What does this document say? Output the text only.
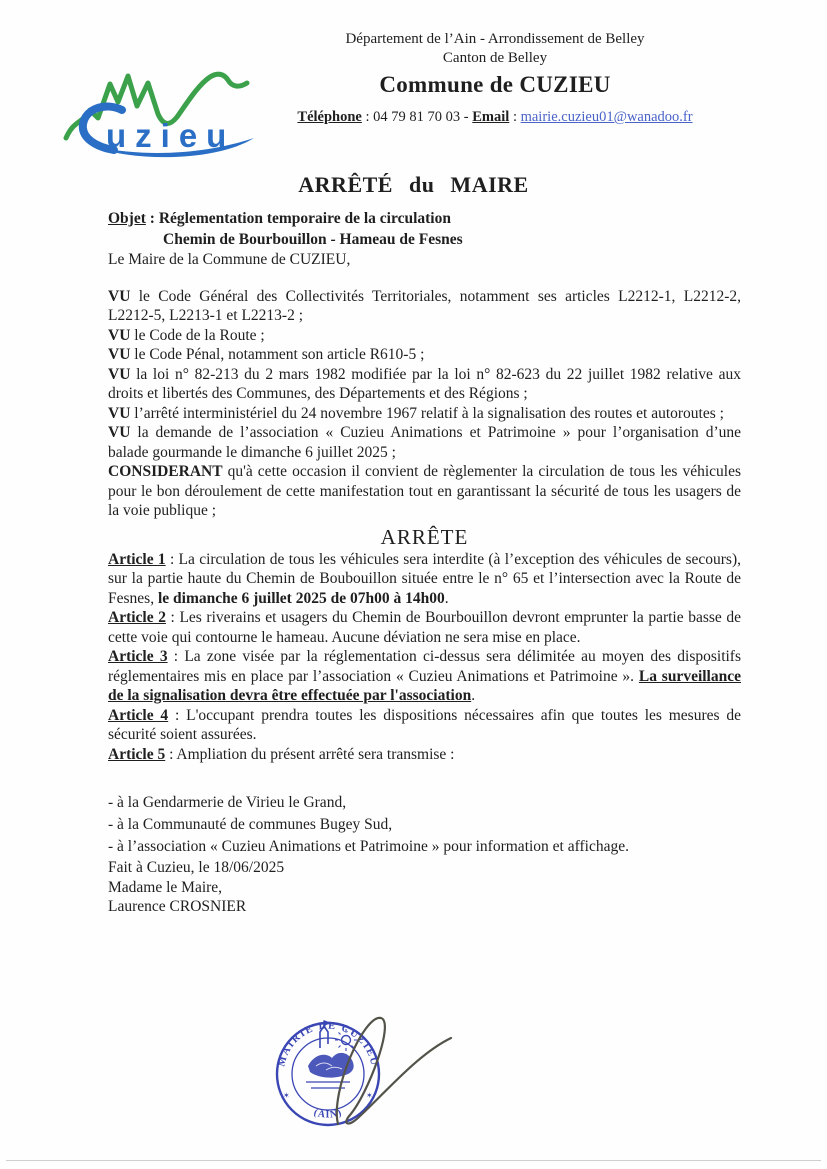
uzieu
Département de l’Ain - Arrondissement de Belley
Canton de Belley
Commune de CUZIEU
Téléphone : 04 79 81 70 03 - Email : mairie.cuzieu01@wanadoo.fr
ARRÊTÉ du MAIRE
Objet : Réglementation temporaire de la circulation
Chemin de Bourbouillon - Hameau de Fesnes

Le Maire de la Commune de CUZIEU,

VU le Code Général des Collectivités Territoriales, notamment ses articles L2212-1, L2212-2, L2212-5, L2213-1 et L2213-2 ;

VU le Code de la Route ;

VU le Code Pénal, notamment son article R610-5 ;

VU la loi n° 82-213 du 2 mars 1982 modifiée par la loi n° 82-623 du 22 juillet 1982 relative aux droits et libertés des Communes, des Départements et des Régions ;

VU l’arrêté interministériel du 24 novembre 1967 relatif à la signalisation des routes et autoroutes ;

VU la demande de l’association « Cuzieu Animations et Patrimoine » pour l’organisation d’une balade gourmande le dimanche 6 juillet 2025 ;

CONSIDERANT qu'à cette occasion il convient de règlementer la circulation de tous les véhicules pour le bon déroulement de cette manifestation tout en garantissant la sécurité de tous les usagers de la voie publique ;

ARRÊTE

Article 1 : La circulation de tous les véhicules sera interdite (à l’exception des véhicules de secours), sur la partie haute du Chemin de Boubouillon située entre le n° 65 et l’intersection avec la Route de Fesnes, le dimanche 6 juillet 2025 de 07h00 à 14h00.

Article 2 : Les riverains et usagers du Chemin de Bourbouillon devront emprunter la partie basse de cette voie qui contourne le hameau. Aucune déviation ne sera mise en place.

Article 3 : La zone visée par la réglementation ci-dessus sera délimitée au moyen des dispositifs réglementaires mis en place par l’association « Cuzieu Animations et Patrimoine ». La surveillance de la signalisation devra être effectuée par l'association.

Article 4 : L'occupant prendra toutes les dispositions nécessaires afin que toutes les mesures de sécurité soient assurées.

Article 5 : Ampliation du présent arrêté sera transmise :

- à la Gendarmerie de Virieu le Grand,

- à la Communauté de communes Bugey Sud,

- à l’association « Cuzieu Animations et Patrimoine » pour information et affichage.

Fait à Cuzieu, le 18/06/2025

Madame le Maire,

Laurence CROSNIER

MAIRIE DE CUZIEU
(AIN)
✶	✶
